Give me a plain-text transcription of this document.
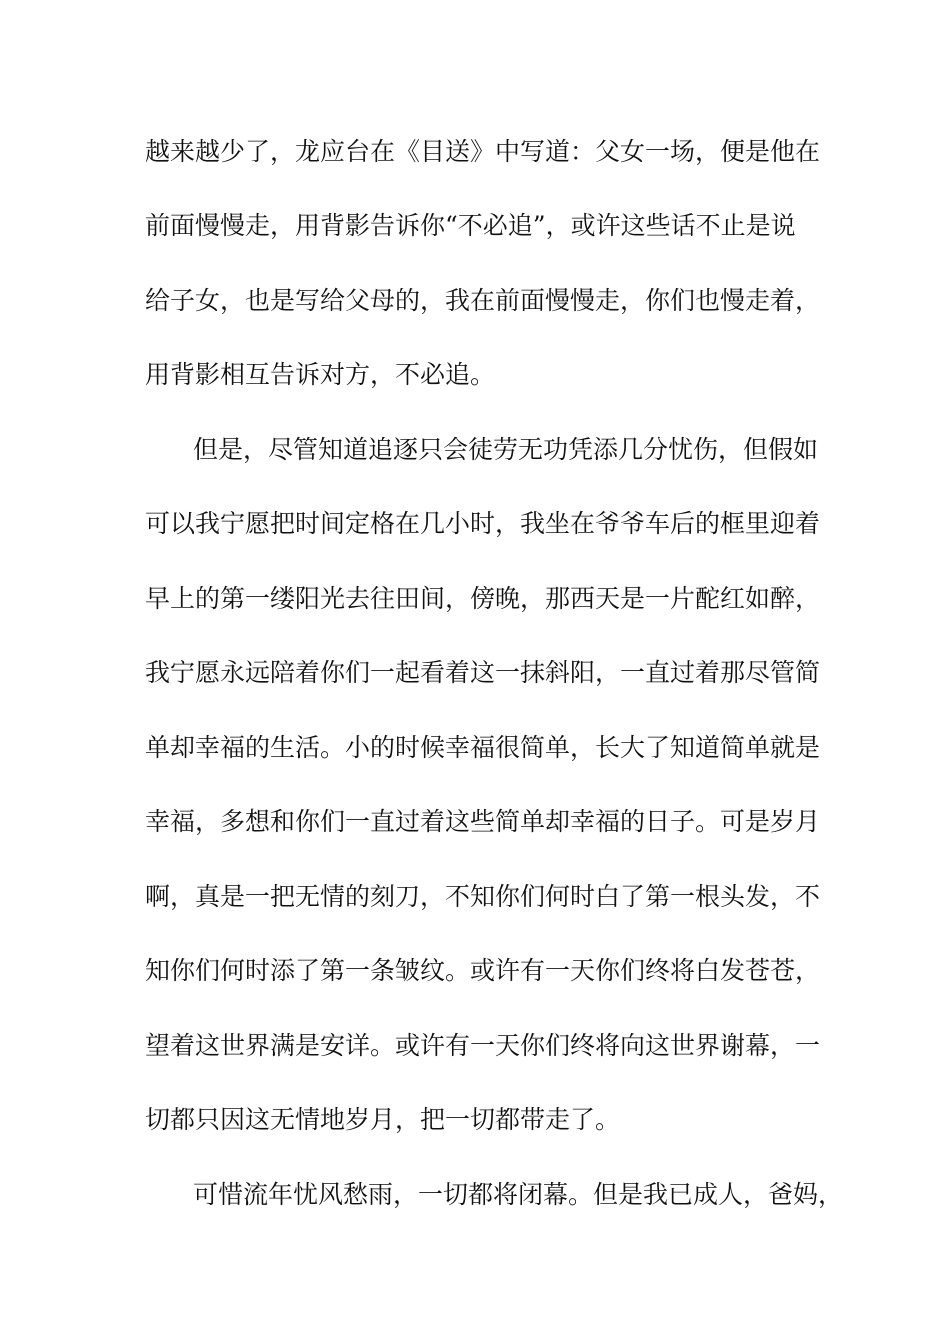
越来越少了，龙应台在《目送》中写道：父女一场，便是他在
前面慢慢走，用背影告诉你“不必追”，或许这些话不止是说
给子女，也是写给父母的，我在前面慢慢走，你们也慢走着，
用背影相互告诉对方，不必追。
但是，尽管知道追逐只会徒劳无功凭添几分忧伤，但假如
可以我宁愿把时间定格在几小时，我坐在爷爷车后的框里迎着
早上的第一缕阳光去往田间，傍晚，那西天是一片酡红如醉，
我宁愿永远陪着你们一起看着这一抹斜阳，一直过着那尽管简
单却幸福的生活。小的时候幸福很简单，长大了知道简单就是
幸福，多想和你们一直过着这些简单却幸福的日子。可是岁月
啊，真是一把无情的刻刀，不知你们何时白了第一根头发，不
知你们何时添了第一条皱纹。或许有一天你们终将白发苍苍，
望着这世界满是安详。或许有一天你们终将向这世界谢幕，一
切都只因这无情地岁月，把一切都带走了。
可惜流年忧风愁雨，一切都将闭幕。但是我已成人，爸妈，
